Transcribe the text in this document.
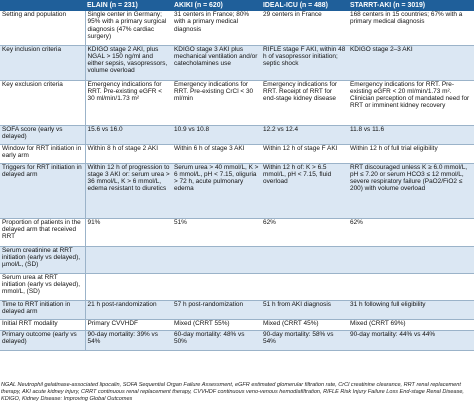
	ELAIN (n = 231)	AKIKI (n = 620)	IDEAL-ICU (n = 488)	STARRT-AKI (n = 3019)
Setting and population	Single center in Germany; 95% with a primary surgical diagnosis (47% cardiac surgery)	31 centers in France; 80% with a primary medical diagnosis	29 centers in France	168 centers in 15 countries; 67% with a primary medical diagnosis
Key inclusion criteria	KDIGO stage 2 AKI, plus NGAL > 150 ng/ml and either sepsis, vasopressors, volume overload	KDIGO stage 3 AKI plus mechanical ventilation and/or catecholamines use	RIFLE stage F AKI, within 48 h of vasopressor initiation; septic shock	KDIGO stage 2–3 AKI
Key exclusion criteria	Emergency indications for RRT. Pre-existing eGFR < 30 ml/min/1.73 m²	Emergency indications for RRT. Pre-existing CrCl < 30 ml/min	Emergency indications for RRT. Receipt of RRT for end-stage kidney disease	Emergency indications for RRT. Pre-existing eGFR < 20 ml/min/1.73 m². Clinician perception of mandated need for RRT or imminent kidney recovery
SOFA score (early vs delayed)	15.6 vs 16.0	10.9 vs 10.8	12.2 vs 12.4	11.8 vs 11.6
Window for RRT initiation in early arm	Within 8 h of stage 2 AKI	Within 6 h of stage 3 AKI	Within 12 h of stage F AKI	Within 12 h of full trial eligibility
Triggers for RRT initiation in delayed arm	Within 12 h of progression to stage 3 AKI or: serum urea > 36 mmol/L, K > 6 mmol/L, edema resistant to diuretics	Serum urea > 40 mmol/L, K > 6 mmol/L, pH < 7.15, oliguria > 72 h, acute pulmonary edema	Within 12 h of: K > 6.5 mmol/L, pH < 7.15, fluid overload	RRT discouraged unless K ≥ 6.0 mmol/L, pH ≤ 7.20 or serum HCO3 ≤ 12 mmol/L, severe respiratory failure (PaO2/FiO2 ≤ 200) with volume overload
Proportion of patients in the delayed arm that received RRT	91%	51%	62%	62%
Serum creatinine at RRT initiation (early vs delayed), µmol/L, (SD)				
Serum urea at RRT initiation (early vs delayed), mmol/L, (SD)				
Time to RRT initiation in delayed arm	21 h post-randomization	57 h post-randomization	51 h from AKI diagnosis	31 h following full eligibility
Initial RRT modality	Primary CVVHDF	Mixed (CRRT 55%)	Mixed (CRRT 45%)	Mixed (CRRT 69%)
Primary outcome (early vs delayed)	90-day mortality: 39% vs 54%	60-day mortality: 48% vs 50%	90-day mortality: 58% vs 54%	90-day mortality: 44% vs 44%
NGAL Neutrophil gelatinase-associated lipocalin, SOFA Sequential Organ Failure Assessment, eGFR estimated glomerular filtration rate, CrCl creatinine clearance, RRT renal replacement therapy, AKI acute kidney injury, CRRT continuous renal replacement therapy, CVVHDF continuous veno-venous hemodiafiltration, RIFLE Risk Injury Failure Loss End-stage Renal Disease, KDIGO, Kidney Disease: Improving Global Outcomes
